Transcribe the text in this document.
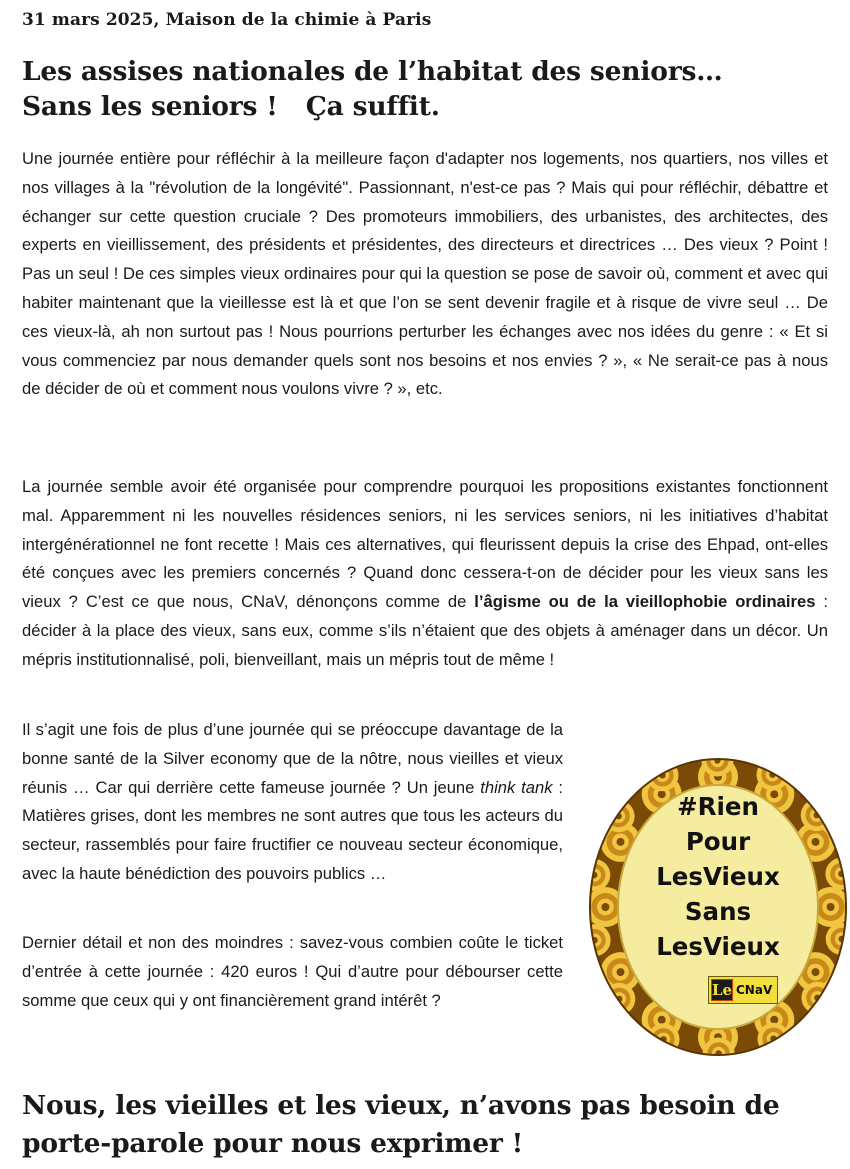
31 mars 2025, Maison de la chimie à Paris
Les assises nationales de l’habitat des seniors…
Sans les seniors ! Ça suffit.

Une journée entière pour réfléchir à la meilleure façon d'adapter nos logements, nos quartiers, nos villes et nos villages à la "révolution de la longévité". Passionnant, n'est-ce pas ? Mais qui pour réfléchir, débattre et échanger sur cette question cruciale ? Des promoteurs immobiliers, des urbanistes, des architectes, des experts en vieillissement, des présidents et présidentes, des directeurs et directrices … Des vieux ? Point ! Pas un seul ! De ces simples vieux ordinaires pour qui la question se pose de savoir où, comment et avec qui habiter maintenant que la vieillesse est là et que l’on se sent devenir fragile et à risque de vivre seul … De ces vieux-là, ah non surtout pas ! Nous pourrions perturber les échanges avec nos idées du genre : « Et si vous commenciez par nous demander quels sont nos besoins et nos envies ? », « Ne serait-ce pas à nous de décider de où et comment nous voulons vivre ? », etc.

La journée semble avoir été organisée pour comprendre pourquoi les propositions existantes fonctionnent mal. Apparemment ni les nouvelles résidences seniors, ni les services seniors, ni les initiatives d’habitat intergénérationnel ne font recette ! Mais ces alternatives, qui fleurissent depuis la crise des Ehpad, ont-elles été conçues avec les premiers concernés ? Quand donc cessera-t-on de décider pour les vieux sans les vieux ? C’est ce que nous, CNaV, dénonçons comme de l’âgisme ou de la vieillophobie ordinaires : décider à la place des vieux, sans eux, comme s’ils n’étaient que des objets à aménager dans un décor. Un mépris institutionnalisé, poli, bienveillant, mais un mépris tout de même !

Il s’agit une fois de plus d’une journée qui se préoccupe davantage de la bonne santé de la Silver economy que de la nôtre, nous vieilles et vieux réunis … Car qui derrière cette fameuse journée ? Un jeune think tank : Matières grises, dont les membres ne sont autres que tous les acteurs du secteur, rassemblés pour faire fructifier ce nouveau secteur économique, avec la haute bénédiction des pouvoirs publics …

Dernier détail et non des moindres : savez-vous combien coûte le ticket d’entrée à cette journée : 420 euros ! Qui d’autre pour débourser cette somme que ceux qui y ont financièrement grand intérêt ?

Nous, les vieilles et les vieux, n’avons pas besoin de
porte-parole pour nous exprimer !
#Rien
Pour
LesVieux
Sans
LesVieux
Le CNaV
